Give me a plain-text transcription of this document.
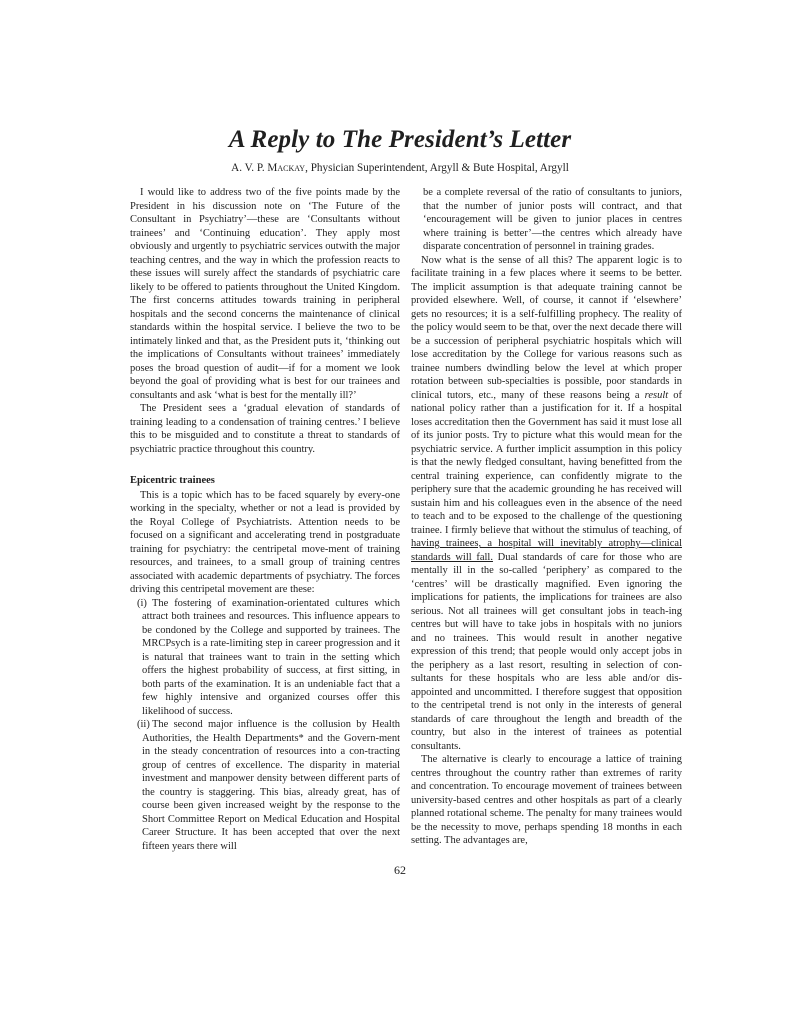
A Reply to The President’s Letter

A. V. P. Mackay, Physician Superintendent, Argyll & Bute Hospital, Argyll

I would like to address two of the five points made by the President in his discussion note on ‘The Future of the Consultant in Psychiatry’—these are ‘Consultants without trainees’ and ‘Continuing education’. They apply most obviously and urgently to psychiatric services outwith the major teaching centres, and the way in which the profession reacts to these issues will surely affect the standards of psychiatric care likely to be offered to patients throughout the United Kingdom. The first concerns attitudes towards training in peripheral hospitals and the second concerns the maintenance of clinical standards within the hospital service. I believe the two to be intimately linked and that, as the President puts it, ‘thinking out the implications of Consultants without trainees’ immediately poses the broad question of audit—if for a moment we look beyond the goal of providing what is best for our trainees and consultants and ask ‘what is best for the mentally ill?’

The President sees a ‘gradual elevation of standards of training leading to a condensation of training centres.’ I believe this to be misguided and to constitute a threat to standards of psychiatric practice throughout this country.

Epicentric trainees

This is a topic which has to be faced squarely by every-one working in the specialty, whether or not a lead is provided by the Royal College of Psychiatrists. Attention needs to be focused on a significant and accelerating trend in postgraduate training for psychiatry: the centripetal move-ment of training resources, and trainees, to a small group of training centres associated with academic departments of psychiatry. The forces driving this centripetal movement are these:

(i) The fostering of examination-orientated cultures which attract both trainees and resources. This influence appears to be condoned by the College and supported by trainees. The MRCPsych is a rate-limiting step in career progression and it is natural that trainees want to train in the setting which offers the highest probability of success, at first sitting, in both parts of the examination. It is an undeniable fact that a few highly intensive and organized courses offer this likelihood of success.

(ii) The second major influence is the collusion by Health Authorities, the Health Departments* and the Govern-ment in the steady concentration of resources into a con-tracting group of centres of excellence. The disparity in material investment and manpower density between different parts of the country is staggering. This bias, already great, has of course been given increased weight by the response to the Short Committee Report on Medical Education and Hospital Career Structure. It has been accepted that over the next fifteen years there will

be a complete reversal of the ratio of consultants to juniors, that the number of junior posts will contract, and that ‘encouragement will be given to junior places in centres where training is better’—the centres which already have disparate concentration of personnel in training grades.

Now what is the sense of all this? The apparent logic is to facilitate training in a few places where it seems to be better. The implicit assumption is that adequate training cannot be provided elsewhere. Well, of course, it cannot if ‘elsewhere’ gets no resources; it is a self-fulfilling prophecy. The reality of the policy would seem to be that, over the next decade there will be a succession of peripheral psychiatric hospitals which will lose accreditation by the College for various reasons such as trainee numbers dwindling below the level at which proper rotation between sub-specialties is possible, poor standards in clinical tutors, etc., many of these reasons being a result of national policy rather than a justification for it. If a hospital loses accreditation then the Government has said it must lose all of its junior posts. Try to picture what this would mean for the psychiatric service. A further implicit assumption in this policy is that the newly fledged consultant, having benefitted from the central training experience, can confidently migrate to the periphery sure that the academic grounding he has received will sustain him and his colleagues even in the absence of the need to teach and to be exposed to the challenge of the questioning trainee. I firmly believe that without the stimulus of teaching, of having trainees, a hospital will inevitably atrophy—clinical standards will fall. Dual standards of care for those who are mentally ill in the so-called ‘periphery’ as compared to the ‘centres’ will be drastically magnified. Even ignoring the implications for patients, the implications for trainees are also serious. Not all trainees will get consultant jobs in teach-ing centres but will have to take jobs in hospitals with no juniors and no trainees. This would result in another negative expression of this trend; that people would only accept jobs in the periphery as a last resort, resulting in selection of con-sultants for these hospitals who are less able and/or dis-appointed and uncommitted. I therefore suggest that opposition to the centripetal trend is not only in the interests of general standards of care throughout the length and breadth of the country, but also in the interest of trainees as potential consultants.

The alternative is clearly to encourage a lattice of training centres throughout the country rather than extremes of rarity and concentration. To encourage movement of trainees between university-based centres and other hospitals as part of a clearly planned rotational scheme. The penalty for many trainees would be the necessity to move, perhaps spending 18 months in each setting. The advantages are,

62
